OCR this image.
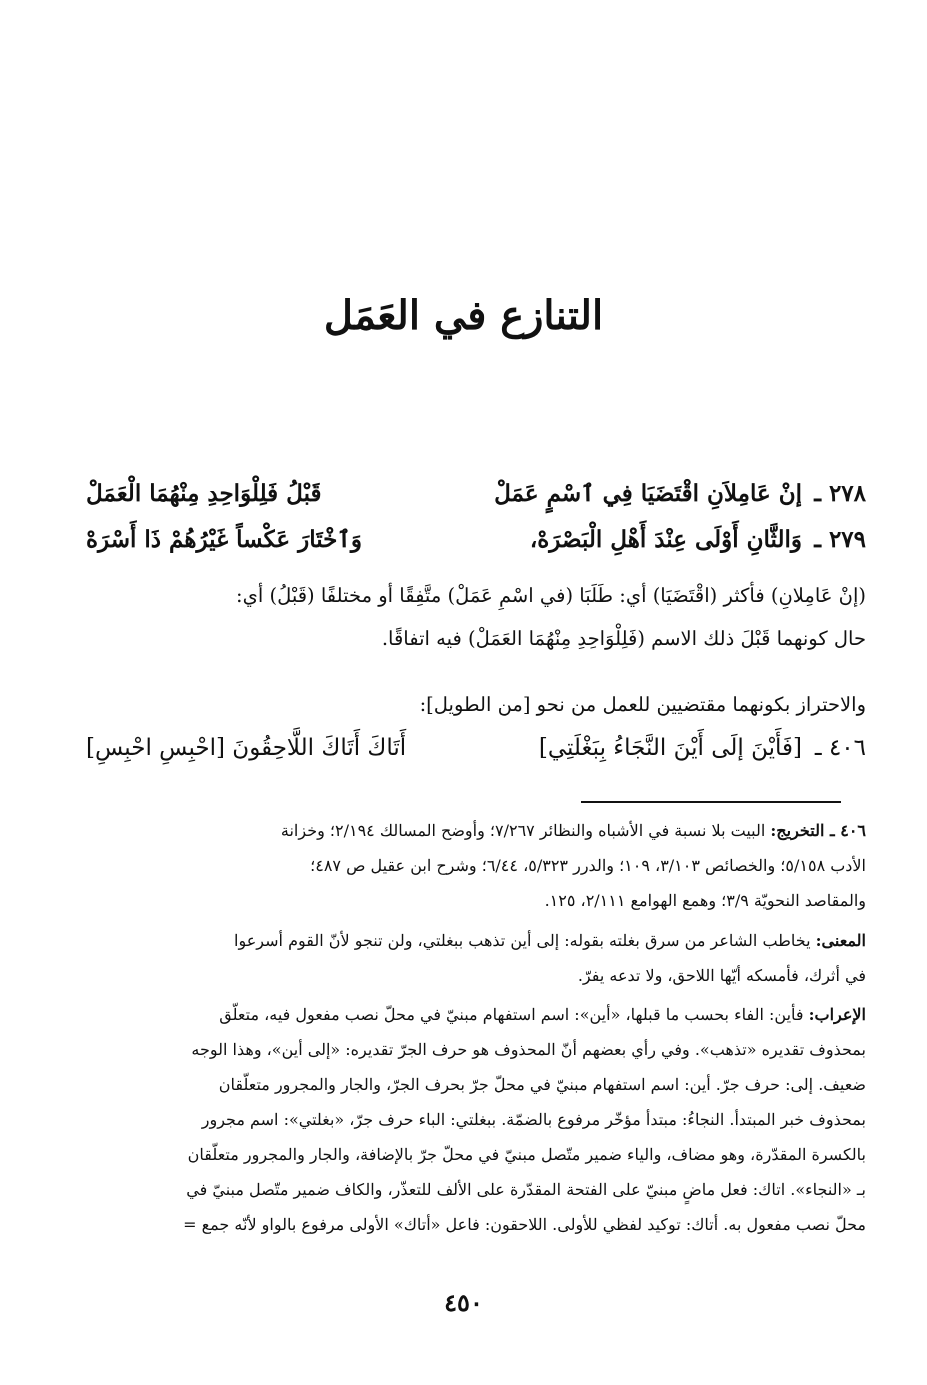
التنازع في العَمَل
٢٧٨ ـ
إنْ عَامِلاَنِ اقْتَضَيَا فِي ٱسْمٍ عَمَلْ
قَبْلُ فَلِلْوَاحِدِ مِنْهُمَا الْعَمَلْ
٢٧٩ ـ
وَالثَّانِ أَوْلَى عِنْدَ أَهْلِ الْبَصْرَهْ،
وَٱخْتَارَ عَكْساً غَيْرُهُمْ ذَا أَسْرَهْ

(إنْ عَامِلانِ) فأكثر (اقْتَضَيَا) أي: طَلَبَا (في اسْمِ عَمَلْ) متَّفِقًا أو مختلفًا (قَبْلُ) أي:
حال كونهما قَبْلَ ذلك الاسم (فَلِلْوَاحِدِ مِنْهُمَا العَمَلْ) فيه اتفاقًا.

والاحتراز بكونهما مقتضيين للعمل من نحو [من الطويل]:

٤٠٦ ـ
[فَأَيْنَ إلَى أَيْنَ النَّجَاءُ بِبَغْلَتِي]
أَتَاكَ أَتَاكَ اللَّاحِقُونَ [احْبِسِ احْبِسِ]
٤٠٦ ـ التخريج: البيت بلا نسبة في الأشباه والنظائر ٧/٢٦٧؛ وأوضح المسالك ٢/١٩٤؛ وخزانة
الأدب ٥/١٥٨؛ والخصائص ٣/١٠٣، ١٠٩؛ والدرر ٥/٣٢٣، ٦/٤٤؛ وشرح ابن عقيل ص ٤٨٧؛
والمقاصد النحويّة ٣/٩؛ وهمع الهوامع ٢/١١١، ١٢٥.
المعنى: يخاطب الشاعر من سرق بغلته بقوله: إلى أين تذهب ببغلتي، ولن تنجو لأنّ القوم أسرعوا
في أثرك، فأمسكه أيّها اللاحق، ولا تدعه يفرّ.
الإعراب: فأين: الفاء بحسب ما قبلها، «أين»: اسم استفهام مبنيّ في محلّ نصب مفعول فيه، متعلّق
بمحذوف تقديره «تذهب». وفي رأي بعضهم أنّ المحذوف هو حرف الجرّ تقديره: «إلى أين»، وهذا الوجه
ضعيف. إلى: حرف جرّ. أين: اسم استفهام مبنيّ في محلّ جرّ بحرف الجرّ، والجار والمجرور متعلّقان
بمحذوف خبر المبتدأ. النجاءُ: مبتدأ مؤخّر مرفوع بالضمّة. ببغلتي: الباء حرف جرّ، «بغلتي»: اسم مجرور
بالكسرة المقدّرة، وهو مضاف، والياء ضمير متّصل مبنيّ في محلّ جرّ بالإضافة، والجار والمجرور متعلّقان
بـ «النجاء». اتاك: فعل ماضٍ مبنيّ على الفتحة المقدّرة على الألف للتعذّر، والكاف ضمير متّصل مبنيّ في
محلّ نصب مفعول به. أتاك: توكيد لفظي للأولى. اللاحقون: فاعل «أتاك» الأولى مرفوع بالواو لأنّه جمع =
٤٥٠
